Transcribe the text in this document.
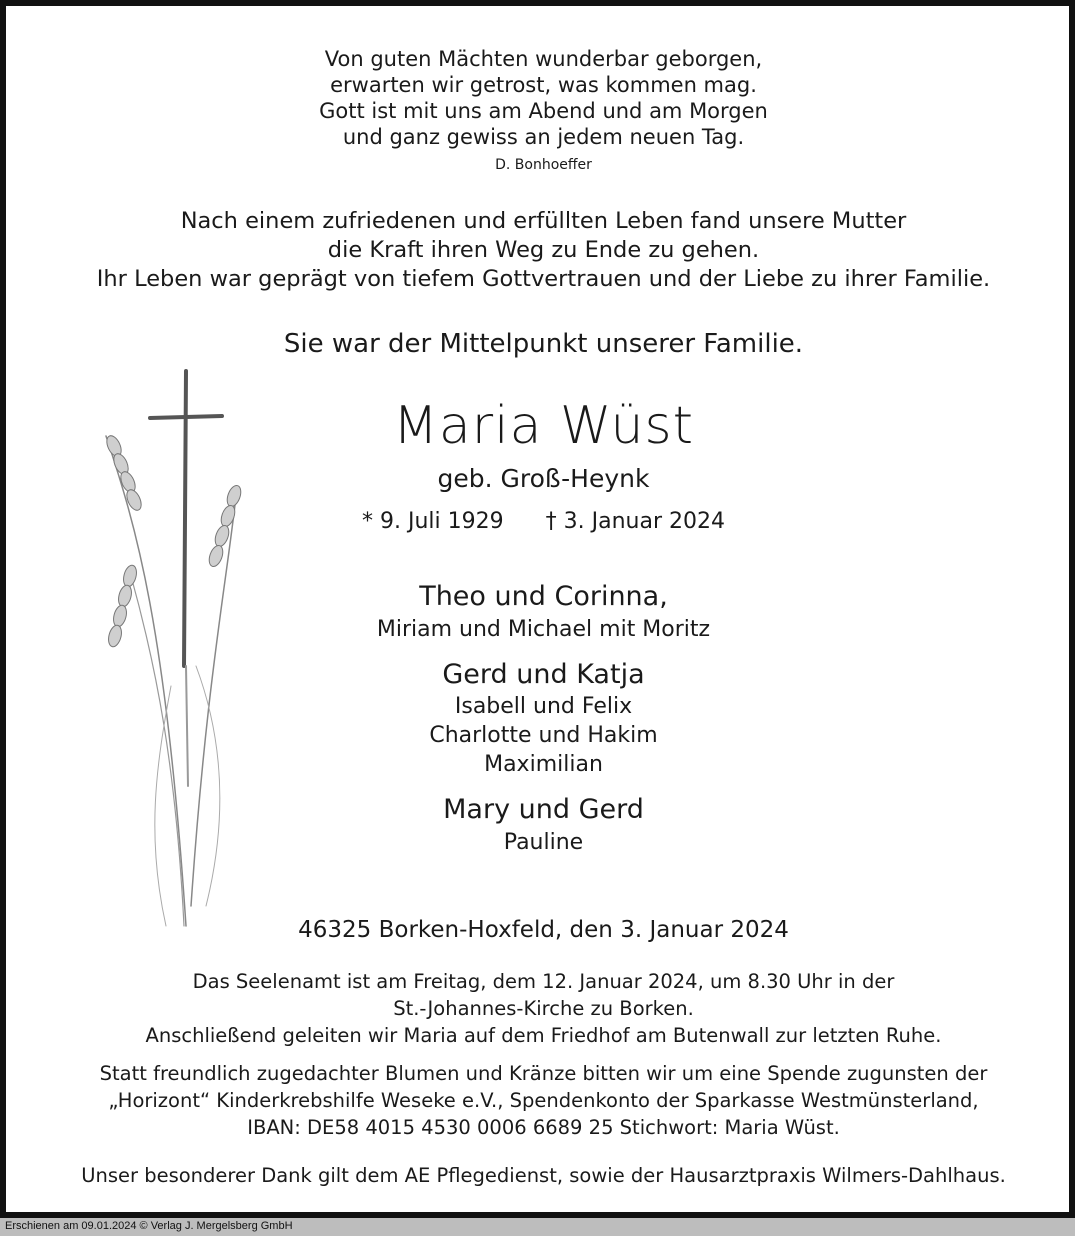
Von guten Mächten wunderbar geborgen,
erwarten wir getrost, was kommen mag.
Gott ist mit uns am Abend und am Morgen
und ganz gewiss an jedem neuen Tag.
D. Bonhoeffer
Nach einem zufriedenen und erfüllten Leben fand unsere Mutter
die Kraft ihren Weg zu Ende zu gehen.
Ihr Leben war geprägt von tiefem Gottvertrauen und der Liebe zu ihrer Familie.
Sie war der Mittelpunkt unserer Familie.
Maria Wüst
geb. Groß-Heynk
* 9. Juli 1929 † 3. Januar 2024
Theo und Corinna,
Miriam und Michael mit Moritz
Gerd und Katja
Isabell und Felix
Charlotte und Hakim
Maximilian
Mary und Gerd
Pauline
46325 Borken-Hoxfeld, den 3. Januar 2024
Das Seelenamt ist am Freitag, dem 12. Januar 2024, um 8.30 Uhr in der
St.-Johannes-Kirche zu Borken.
Anschließend geleiten wir Maria auf dem Friedhof am Butenwall zur letzten Ruhe.
Statt freundlich zugedachter Blumen und Kränze bitten wir um eine Spende zugunsten der
„Horizont“ Kinderkrebshilfe Weseke e.V., Spendenkonto der Sparkasse Westmünsterland,
IBAN: DE58 4015 4530 0006 6689 25 Stichwort: Maria Wüst.
Unser besonderer Dank gilt dem AE Pflegedienst, sowie der Hausarztpraxis Wilmers-Dahlhaus.
Erschienen am 09.01.2024 © Verlag J. Mergelsberg GmbH
